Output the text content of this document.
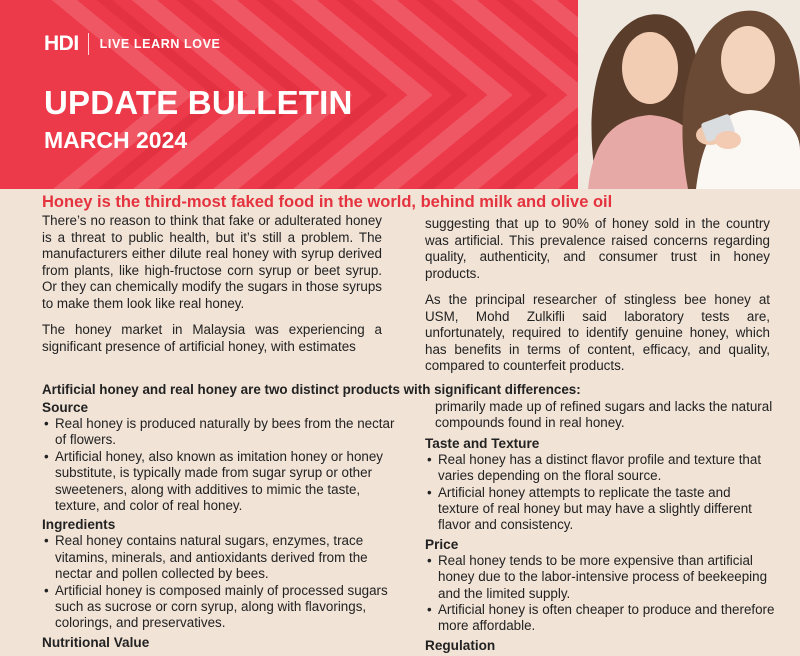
HDI LIVE LEARN LOVE
UPDATE BULLETIN
MARCH 2024
Honey is the third-most faked food in the world, behind milk and olive oil

There’s no reason to think that fake or adulterated honey is a threat to public health, but it’s still a problem. The manufacturers either dilute real honey with syrup derived from plants, like high-fructose corn syrup or beet syrup. Or they can chemically modify the sugars in those syrups to make them look like real honey.

The honey market in Malaysia was experiencing a significant presence of artificial honey, with estimates

suggesting that up to 90% of honey sold in the country was artificial. This prevalence raised concerns regarding quality, authenticity, and consumer trust in honey products.

As the principal researcher of stingless bee honey at USM, Mohd Zulkifli said laboratory tests are, unfortunately, required to identify genuine honey, which has benefits in terms of content, efficacy, and quality, compared to counterfeit products.

Artificial honey and real honey are two distinct products with significant differences:
Source
• Real honey is produced naturally by bees from the nectar of flowers.
• Artificial honey, also known as imitation honey or honey substitute, is typically made from sugar syrup or other sweeteners, along with additives to mimic the taste, texture, and color of real honey.
Ingredients
• Real honey contains natural sugars, enzymes, trace vitamins, minerals, and antioxidants derived from the nectar and pollen collected by bees.
• Artificial honey is composed mainly of processed sugars such as sucrose or corn syrup, along with flavorings, colorings, and preservatives.
Nutritional Value
primarily made up of refined sugars and lacks the natural compounds found in real honey.
Taste and Texture
• Real honey has a distinct flavor profile and texture that varies depending on the floral source.
• Artificial honey attempts to replicate the taste and texture of real honey but may have a slightly different flavor and consistency.
Price
• Real honey tends to be more expensive than artificial honey due to the labor-intensive process of beekeeping and the limited supply.
• Artificial honey is often cheaper to produce and therefore more affordable.
Regulation
